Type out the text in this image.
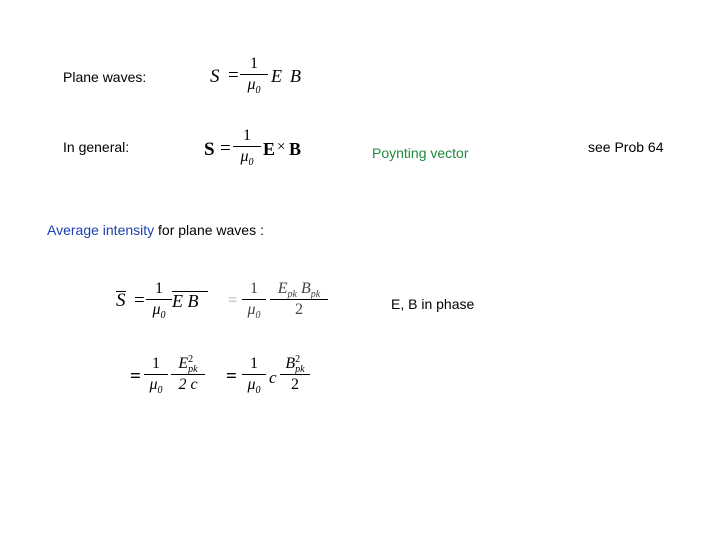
Plane waves:	S =
1
$\mu_0$
E B
In general:	S =
1
$\mu_0$
E × B	Poynting vector	see Prob 64
Average intensity for plane waves :
S =
1
$\mu_0$
E B	=
1
$\mu_0$
$E_{pk}$ $B_{pk}$
2	E, B in phase
=
1
$\mu_0$
$E^2_{pk}$
2 c	=
1
$\mu_0$
c
$B^2_{pk}$
2
